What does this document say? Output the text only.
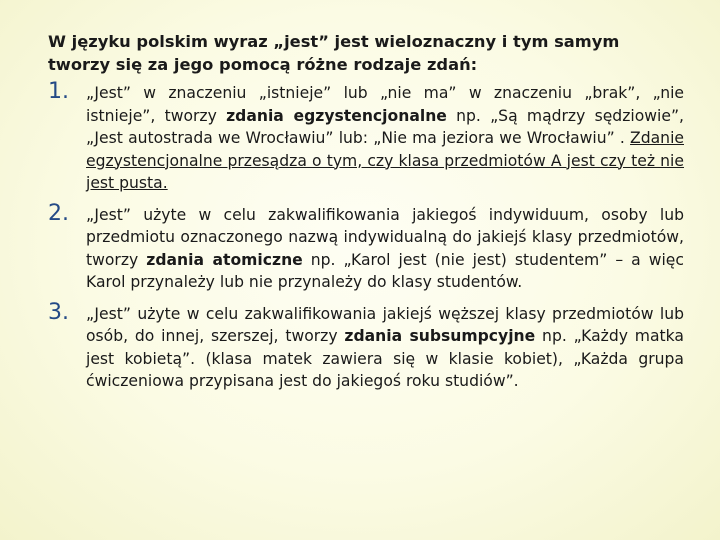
W języku polskim wyraz „jest” jest wieloznaczny i tym samym tworzy się za jego pomocą różne rodzaje zdań:

1. „Jest” w znaczeniu „istnieje” lub „nie ma” w znaczeniu „brak”, „nie istnieje”, tworzy zdania egzystencjonalne np. „Są mądrzy sędziowie”, „Jest autostrada we Wrocławiu” lub: „Nie ma jeziora we Wrocławiu” . Zdanie egzystencjonalne przesądza o tym, czy klasa przedmiotów A jest czy też nie jest pusta.
2. „Jest” użyte w celu zakwalifikowania jakiegoś indywiduum, osoby lub przedmiotu oznaczonego nazwą indywidualną do jakiejś klasy przedmiotów, tworzy zdania atomiczne np. „Karol jest (nie jest) studentem” – a więc Karol przynależy lub nie przynależy do klasy studentów.
3. „Jest” użyte w celu zakwalifikowania jakiejś węższej klasy przedmiotów lub osób, do innej, szerszej, tworzy zdania subsumpcyjne np. „Każdy matka jest kobietą”. (klasa matek zawiera się w klasie kobiet), „Każda grupa ćwiczeniowa przypisana jest do jakiegoś roku studiów”.
